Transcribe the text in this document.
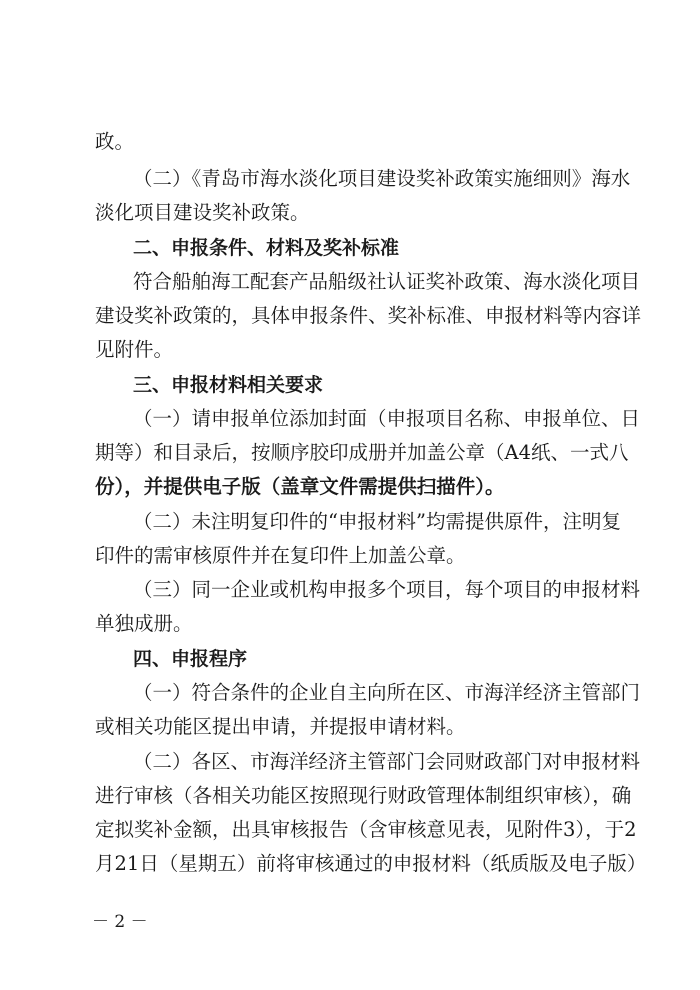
政。
（二）《青岛市海水淡化项目建设奖补政策实施细则》海水
淡化项目建设奖补政策。
二、申报条件、材料及奖补标准
符合船舶海工配套产品船级社认证奖补政策、海水淡化项目
建设奖补政策的，具体申报条件、奖补标准、申报材料等内容详
见附件。
三、申报材料相关要求
（一）请申报单位添加封面（申报项目名称、申报单位、日
期等）和目录后，按顺序胶印成册并加盖公章（A4纸、一式八
份），并提供电子版（盖章文件需提供扫描件）。
（二）未注明复印件的“申报材料”均需提供原件，注明复
印件的需审核原件并在复印件上加盖公章。
（三）同一企业或机构申报多个项目，每个项目的申报材料
单独成册。
四、申报程序
（一）符合条件的企业自主向所在区、市海洋经济主管部门
或相关功能区提出申请，并提报申请材料。
（二）各区、市海洋经济主管部门会同财政部门对申报材料
进行审核（各相关功能区按照现行财政管理体制组织审核），确
定拟奖补金额，出具审核报告（含审核意见表，见附件3），于2
月21日（星期五）前将审核通过的申报材料（纸质版及电子版）
－ 2 －
